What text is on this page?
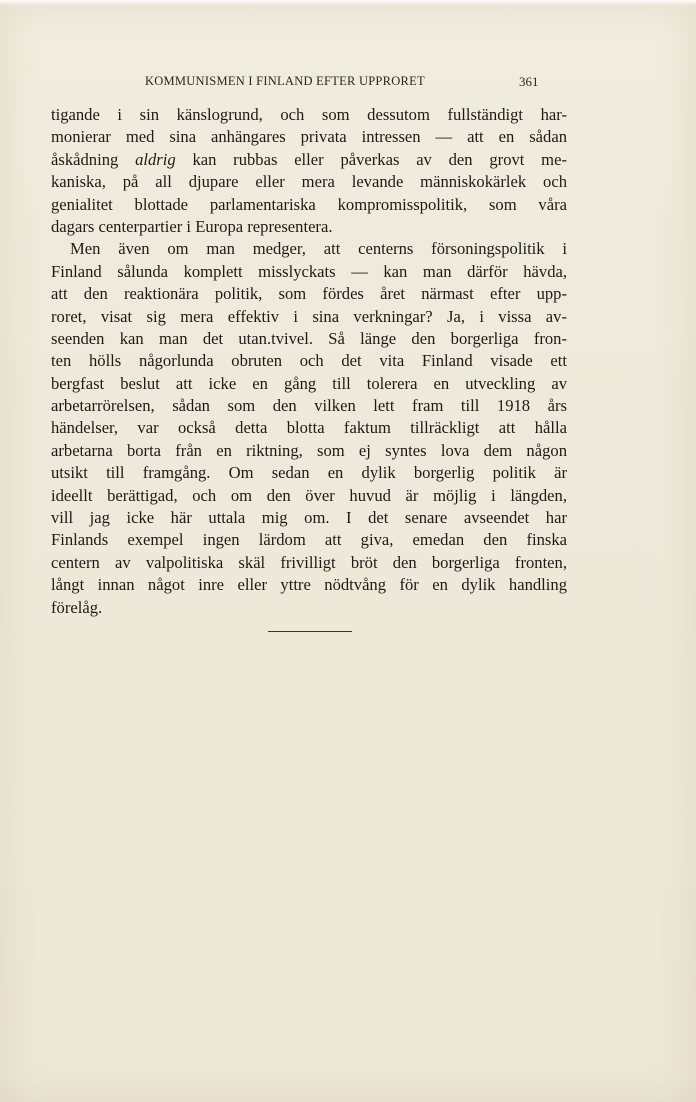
KOMMUNISMEN I FINLAND EFTER UPPRORET	361
tigande i sin känslogrund, och som dessutom fullständigt har-
monierar med sina anhängares privata intressen — att en sådan
åskådning aldrig kan rubbas eller påverkas av den grovt me-
kaniska, på all djupare eller mera levande människokärlek och
genialitet blottade parlamentariska kompromisspolitik, som våra
dagars centerpartier i Europa representera.
Men även om man medger, att centerns försoningspolitik i
Finland sålunda komplett misslyckats — kan man därför hävda,
att den reaktionära politik, som fördes året närmast efter upp-
roret, visat sig mera effektiv i sina verkningar? Ja, i vissa av-
seenden kan man det utan.tvivel. Så länge den borgerliga fron-
ten hölls någorlunda obruten och det vita Finland visade ett
bergfast beslut att icke en gång till tolerera en utveckling av
arbetarrörelsen, sådan som den vilken lett fram till 1918 års
händelser, var också detta blotta faktum tillräckligt att hålla
arbetarna borta från en riktning, som ej syntes lova dem någon
utsikt till framgång. Om sedan en dylik borgerlig politik är
ideellt berättigad, och om den över huvud är möjlig i längden,
vill jag icke här uttala mig om. I det senare avseendet har
Finlands exempel ingen lärdom att giva, emedan den finska
centern av valpolitiska skäl frivilligt bröt den borgerliga fronten,
långt innan något inre eller yttre nödtvång för en dylik handling
förelåg.
